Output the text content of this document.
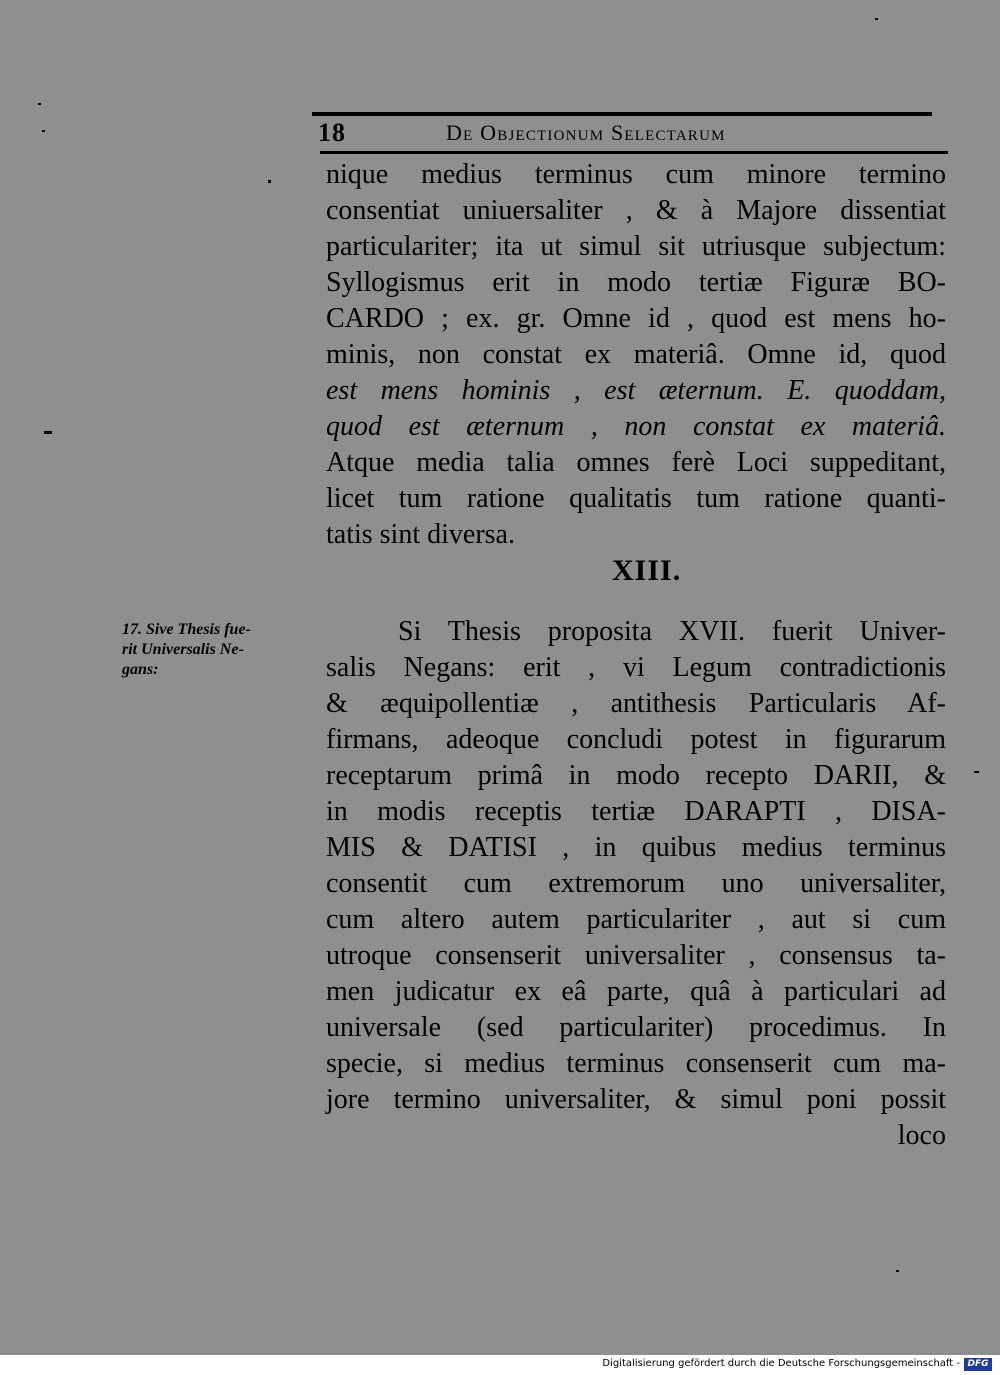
18	De Objectionum Selectarum
nique medius terminus cum minore termino
consentiat uniuersaliter , & à Majore dissentiat
particulariter; ita ut simul sit utriusque subjectum:
Syllogismus erit in modo tertiæ Figuræ BO-
CARDO ; ex. gr. Omne id , quod est mens ho-
minis, non constat ex materiâ. Omne id, quod
est mens hominis , est æternum. E. quoddam,
quod est æternum , non constat ex materiâ.
Atque media talia omnes ferè Loci suppeditant,
licet tum ratione qualitatis tum ratione quanti-
tatis sint diversa.
XIII.
17. Sive Thesis fue-
rit Universalis Ne-
gans:
Si Thesis proposita XVII. fuerit Univer-
salis Negans: erit , vi Legum contradictionis
& æquipollentiæ , antithesis Particularis Af-
firmans, adeoque concludi potest in figurarum
receptarum primâ in modo recepto DARII, &
in modis receptis tertiæ DARAPTI , DISA-
MIS & DATISI , in quibus medius terminus
consentit cum extremorum uno universaliter,
cum altero autem particulariter , aut si cum
utroque consenserit universaliter , consensus ta-
men judicatur ex eâ parte, quâ à particulari ad
universale (sed particulariter) procedimus. In
specie, si medius terminus consenserit cum ma-
jore termino universaliter, & simul poni possit
loco
Digitalisierung gefördert durch die Deutsche Forschungsgemeinschaft - DFG
